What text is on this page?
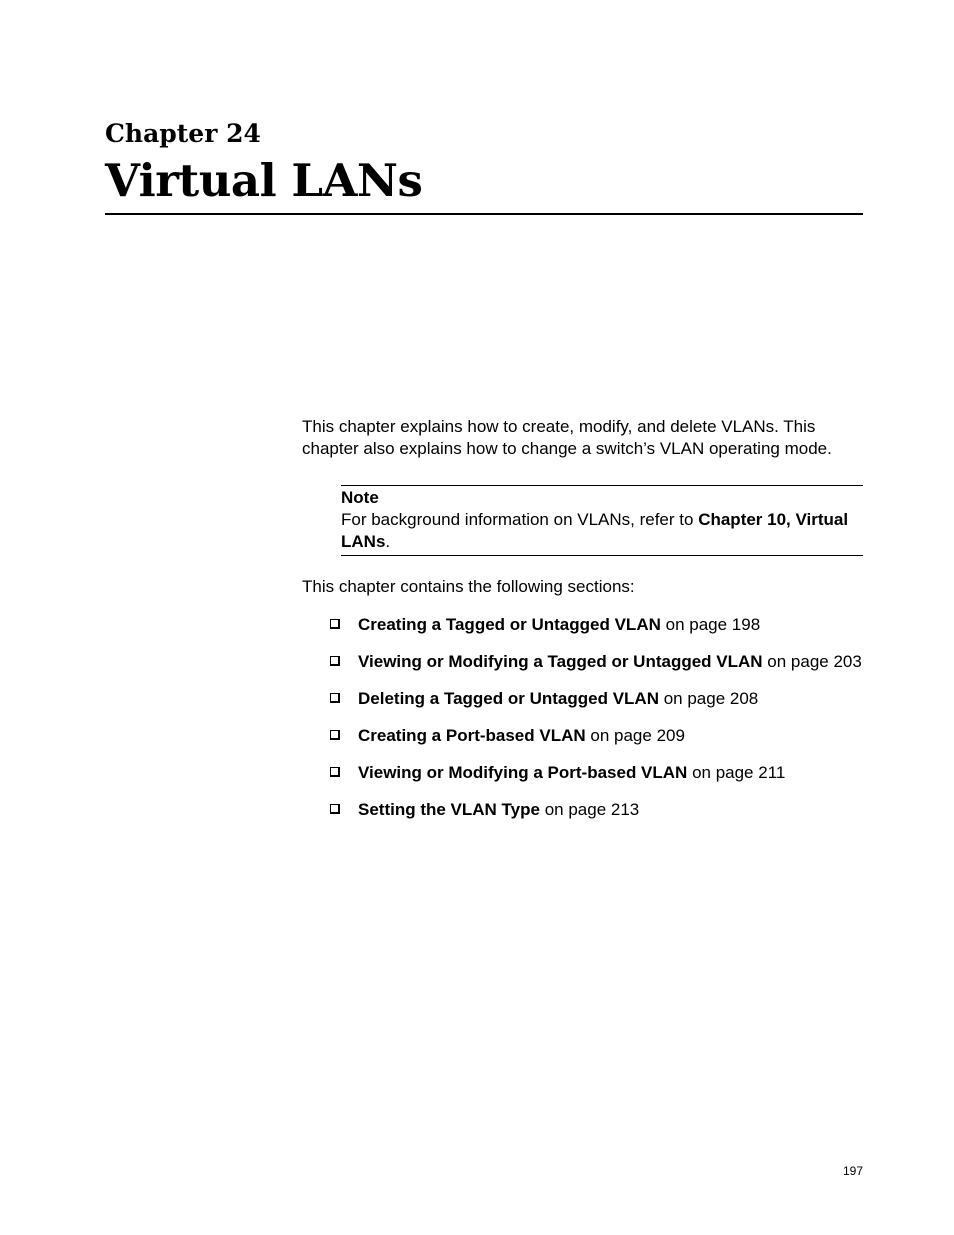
Chapter 24
Virtual LANs

This chapter explains how to create, modify, and delete VLANs. This chapter also explains how to change a switch’s VLAN operating mode.

Note

For background information on VLANs, refer to Chapter 10, Virtual LANs.

This chapter contains the following sections:

Creating a Tagged or Untagged VLAN on page 198
Viewing or Modifying a Tagged or Untagged VLAN on page 203
Deleting a Tagged or Untagged VLAN on page 208
Creating a Port-based VLAN on page 209
Viewing or Modifying a Port-based VLAN on page 211
Setting the VLAN Type on page 213
197
